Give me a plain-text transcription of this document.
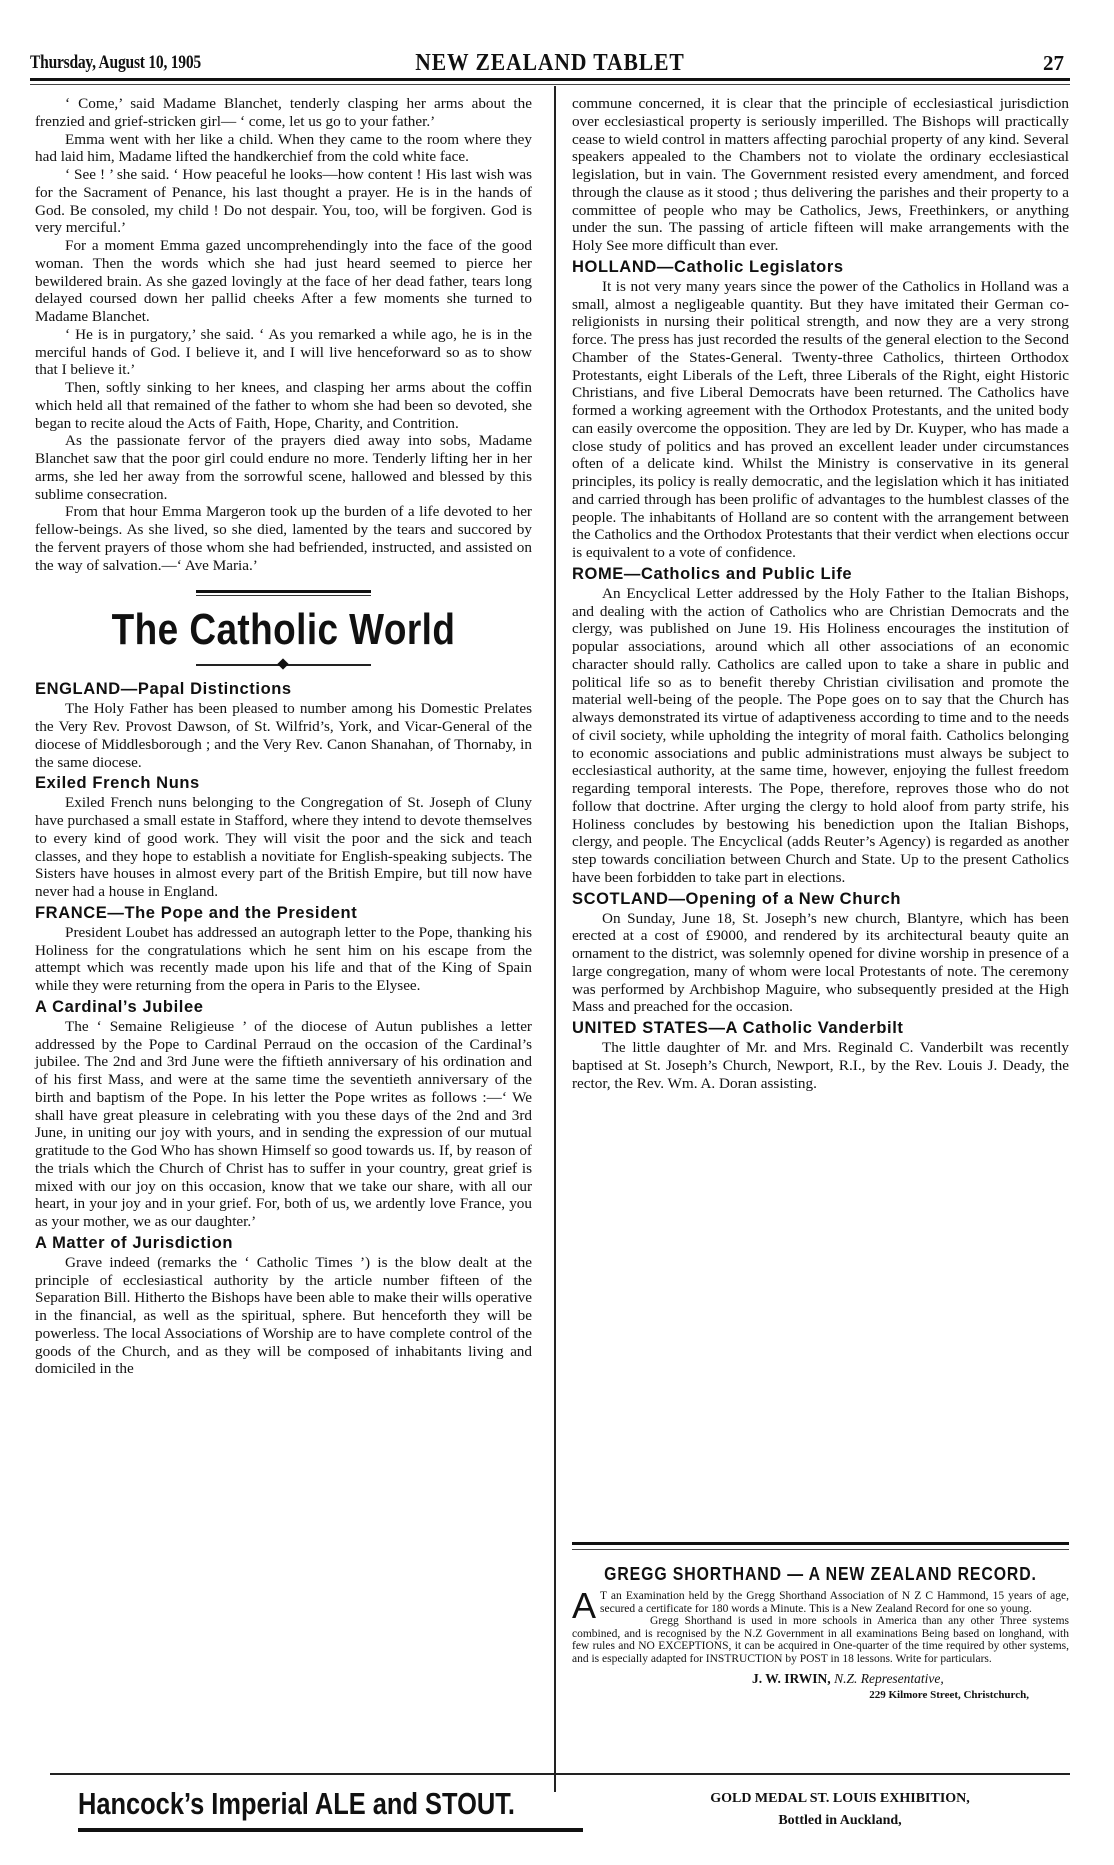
Thursday, August 10, 1905	NEW ZEALAND TABLET	27

‘ Come,’ said Madame Blanchet, tenderly clasping her arms about the frenzied and grief-stricken girl— ‘ come, let us go to your father.’

Emma went with her like a child. When they came to the room where they had laid him, Madame lifted the handkerchief from the cold white face.

‘ See ! ’ she said. ‘ How peaceful he looks—how content ! His last wish was for the Sacrament of Penance, his last thought a prayer. He is in the hands of God. Be consoled, my child ! Do not despair. You, too, will be forgiven. God is very merciful.’

For a moment Emma gazed uncomprehendingly into the face of the good woman. Then the words which she had just heard seemed to pierce her bewildered brain. As she gazed lovingly at the face of her dead father, tears long delayed coursed down her pallid cheeks After a few moments she turned to Madame Blanchet.

‘ He is in purgatory,’ she said. ‘ As you remarked a while ago, he is in the merciful hands of God. I believe it, and I will live henceforward so as to show that I believe it.’

Then, softly sinking to her knees, and clasping her arms about the coffin which held all that remained of the father to whom she had been so devoted, she began to recite aloud the Acts of Faith, Hope, Charity, and Contrition.

As the passionate fervor of the prayers died away into sobs, Madame Blanchet saw that the poor girl could endure no more. Tenderly lifting her in her arms, she led her away from the sorrowful scene, hallowed and blessed by this sublime consecration.

From that hour Emma Margeron took up the burden of a life devoted to her fellow-beings. As she lived, so she died, lamented by the tears and succored by the fervent prayers of those whom she had befriended, instructed, and assisted on the way of salvation.—‘ Ave Maria.’

The Catholic World
ENGLAND—Papal Distinctions

The Holy Father has been pleased to number among his Domestic Prelates the Very Rev. Provost Dawson, of St. Wilfrid’s, York, and Vicar-General of the diocese of Middlesborough ; and the Very Rev. Canon Shanahan, of Thornaby, in the same diocese.

Exiled French Nuns

Exiled French nuns belonging to the Congregation of St. Joseph of Cluny have purchased a small estate in Stafford, where they intend to devote themselves to every kind of good work. They will visit the poor and the sick and teach classes, and they hope to establish a novitiate for English-speaking subjects. The Sisters have houses in almost every part of the British Empire, but till now have never had a house in England.

FRANCE—The Pope and the President

President Loubet has addressed an autograph letter to the Pope, thanking his Holiness for the congratulations which he sent him on his escape from the attempt which was recently made upon his life and that of the King of Spain while they were returning from the opera in Paris to the Elysee.

A Cardinal’s Jubilee

The ‘ Semaine Religieuse ’ of the diocese of Autun publishes a letter addressed by the Pope to Cardinal Perraud on the occasion of the Cardinal’s jubilee. The 2nd and 3rd June were the fiftieth anniversary of his ordination and of his first Mass, and were at the same time the seventieth anniversary of the birth and baptism of the Pope. In his letter the Pope writes as follows :—‘ We shall have great pleasure in celebrating with you these days of the 2nd and 3rd June, in uniting our joy with yours, and in sending the expression of our mutual gratitude to the God Who has shown Himself so good towards us. If, by reason of the trials which the Church of Christ has to suffer in your country, great grief is mixed with our joy on this occasion, know that we take our share, with all our heart, in your joy and in your grief. For, both of us, we ardently love France, you as your mother, we as our daughter.’

A Matter of Jurisdiction

Grave indeed (remarks the ‘ Catholic Times ’) is the blow dealt at the principle of ecclesiastical authority by the article number fifteen of the Separation Bill. Hitherto the Bishops have been able to make their wills operative in the financial, as well as the spiritual, sphere. But henceforth they will be powerless. The local Associations of Worship are to have complete control of the goods of the Church, and as they will be composed of inhabitants living and domiciled in the

commune concerned, it is clear that the principle of ecclesiastical jurisdiction over ecclesiastical property is seriously imperilled. The Bishops will practically cease to wield control in matters affecting parochial property of any kind. Several speakers appealed to the Chambers not to violate the ordinary ecclesiastical legislation, but in vain. The Government resisted every amendment, and forced through the clause as it stood ; thus delivering the parishes and their property to a committee of people who may be Catholics, Jews, Freethinkers, or anything under the sun. The passing of article fifteen will make arrangements with the Holy See more difficult than ever.

HOLLAND—Catholic Legislators

It is not very many years since the power of the Catholics in Holland was a small, almost a negligeable quantity. But they have imitated their German co-religionists in nursing their political strength, and now they are a very strong force. The press has just recorded the results of the general election to the Second Chamber of the States-General. Twenty-three Catholics, thirteen Orthodox Protestants, eight Liberals of the Left, three Liberals of the Right, eight Historic Christians, and five Liberal Democrats have been returned. The Catholics have formed a working agreement with the Orthodox Protestants, and the united body can easily overcome the opposition. They are led by Dr. Kuyper, who has made a close study of politics and has proved an excellent leader under circumstances often of a delicate kind. Whilst the Ministry is conservative in its general principles, its policy is really democratic, and the legislation which it has initiated and carried through has been prolific of advantages to the humblest classes of the people. The inhabitants of Holland are so content with the arrangement between the Catholics and the Orthodox Protestants that their verdict when elections occur is equivalent to a vote of confidence.

ROME—Catholics and Public Life

An Encyclical Letter addressed by the Holy Father to the Italian Bishops, and dealing with the action of Catholics who are Christian Democrats and the clergy, was published on June 19. His Holiness encourages the institution of popular associations, around which all other associations of an economic character should rally. Catholics are called upon to take a share in public and political life so as to benefit thereby Christian civilisation and promote the material well-being of the people. The Pope goes on to say that the Church has always demonstrated its virtue of adaptiveness according to time and to the needs of civil society, while upholding the integrity of moral faith. Catholics belonging to economic associations and public administrations must always be subject to ecclesiastical authority, at the same time, however, enjoying the fullest freedom regarding temporal interests. The Pope, therefore, reproves those who do not follow that doctrine. After urging the clergy to hold aloof from party strife, his Holiness concludes by bestowing his benediction upon the Italian Bishops, clergy, and people. The Encyclical (adds Reuter’s Agency) is regarded as another step towards conciliation between Church and State. Up to the present Catholics have been forbidden to take part in elections.

SCOTLAND—Opening of a New Church

On Sunday, June 18, St. Joseph’s new church, Blantyre, which has been erected at a cost of £9000, and rendered by its architectural beauty quite an ornament to the district, was solemnly opened for divine worship in presence of a large congregation, many of whom were local Protestants of note. The ceremony was performed by Archbishop Maguire, who subsequently presided at the High Mass and preached for the occasion.

UNITED STATES—A Catholic Vanderbilt

The little daughter of Mr. and Mrs. Reginald C. Vanderbilt was recently baptised at St. Joseph’s Church, Newport, R.I., by the Rev. Louis J. Deady, the rector, the Rev. Wm. A. Doran assisting.

GREGG SHORTHAND — A NEW ZEALAND RECORD.
A T an Examination held by the Gregg Shorthand Association of N Z C Hammond, 15 years of age, secured a certificate for 180 words a Minute. This is a New Zealand Record for one so young.

Gregg Shorthand is used in more schools in America than any other Three systems combined, and is recognised by the N.Z Government in all examinations Being based on longhand, with few rules and NO EXCEPTIONS, it can be acquired in One-quarter of the time required by other systems, and is especially adapted for INSTRUCTION by POST in 18 lessons. Write for particulars.

J. W. IRWIN, N.Z. Representative,
229 Kilmore Street, Christchurch,
Hancock’s Imperial ALE and STOUT.	GOLD MEDAL ST. LOUIS EXHIBITION,
Bottled in Auckland,
